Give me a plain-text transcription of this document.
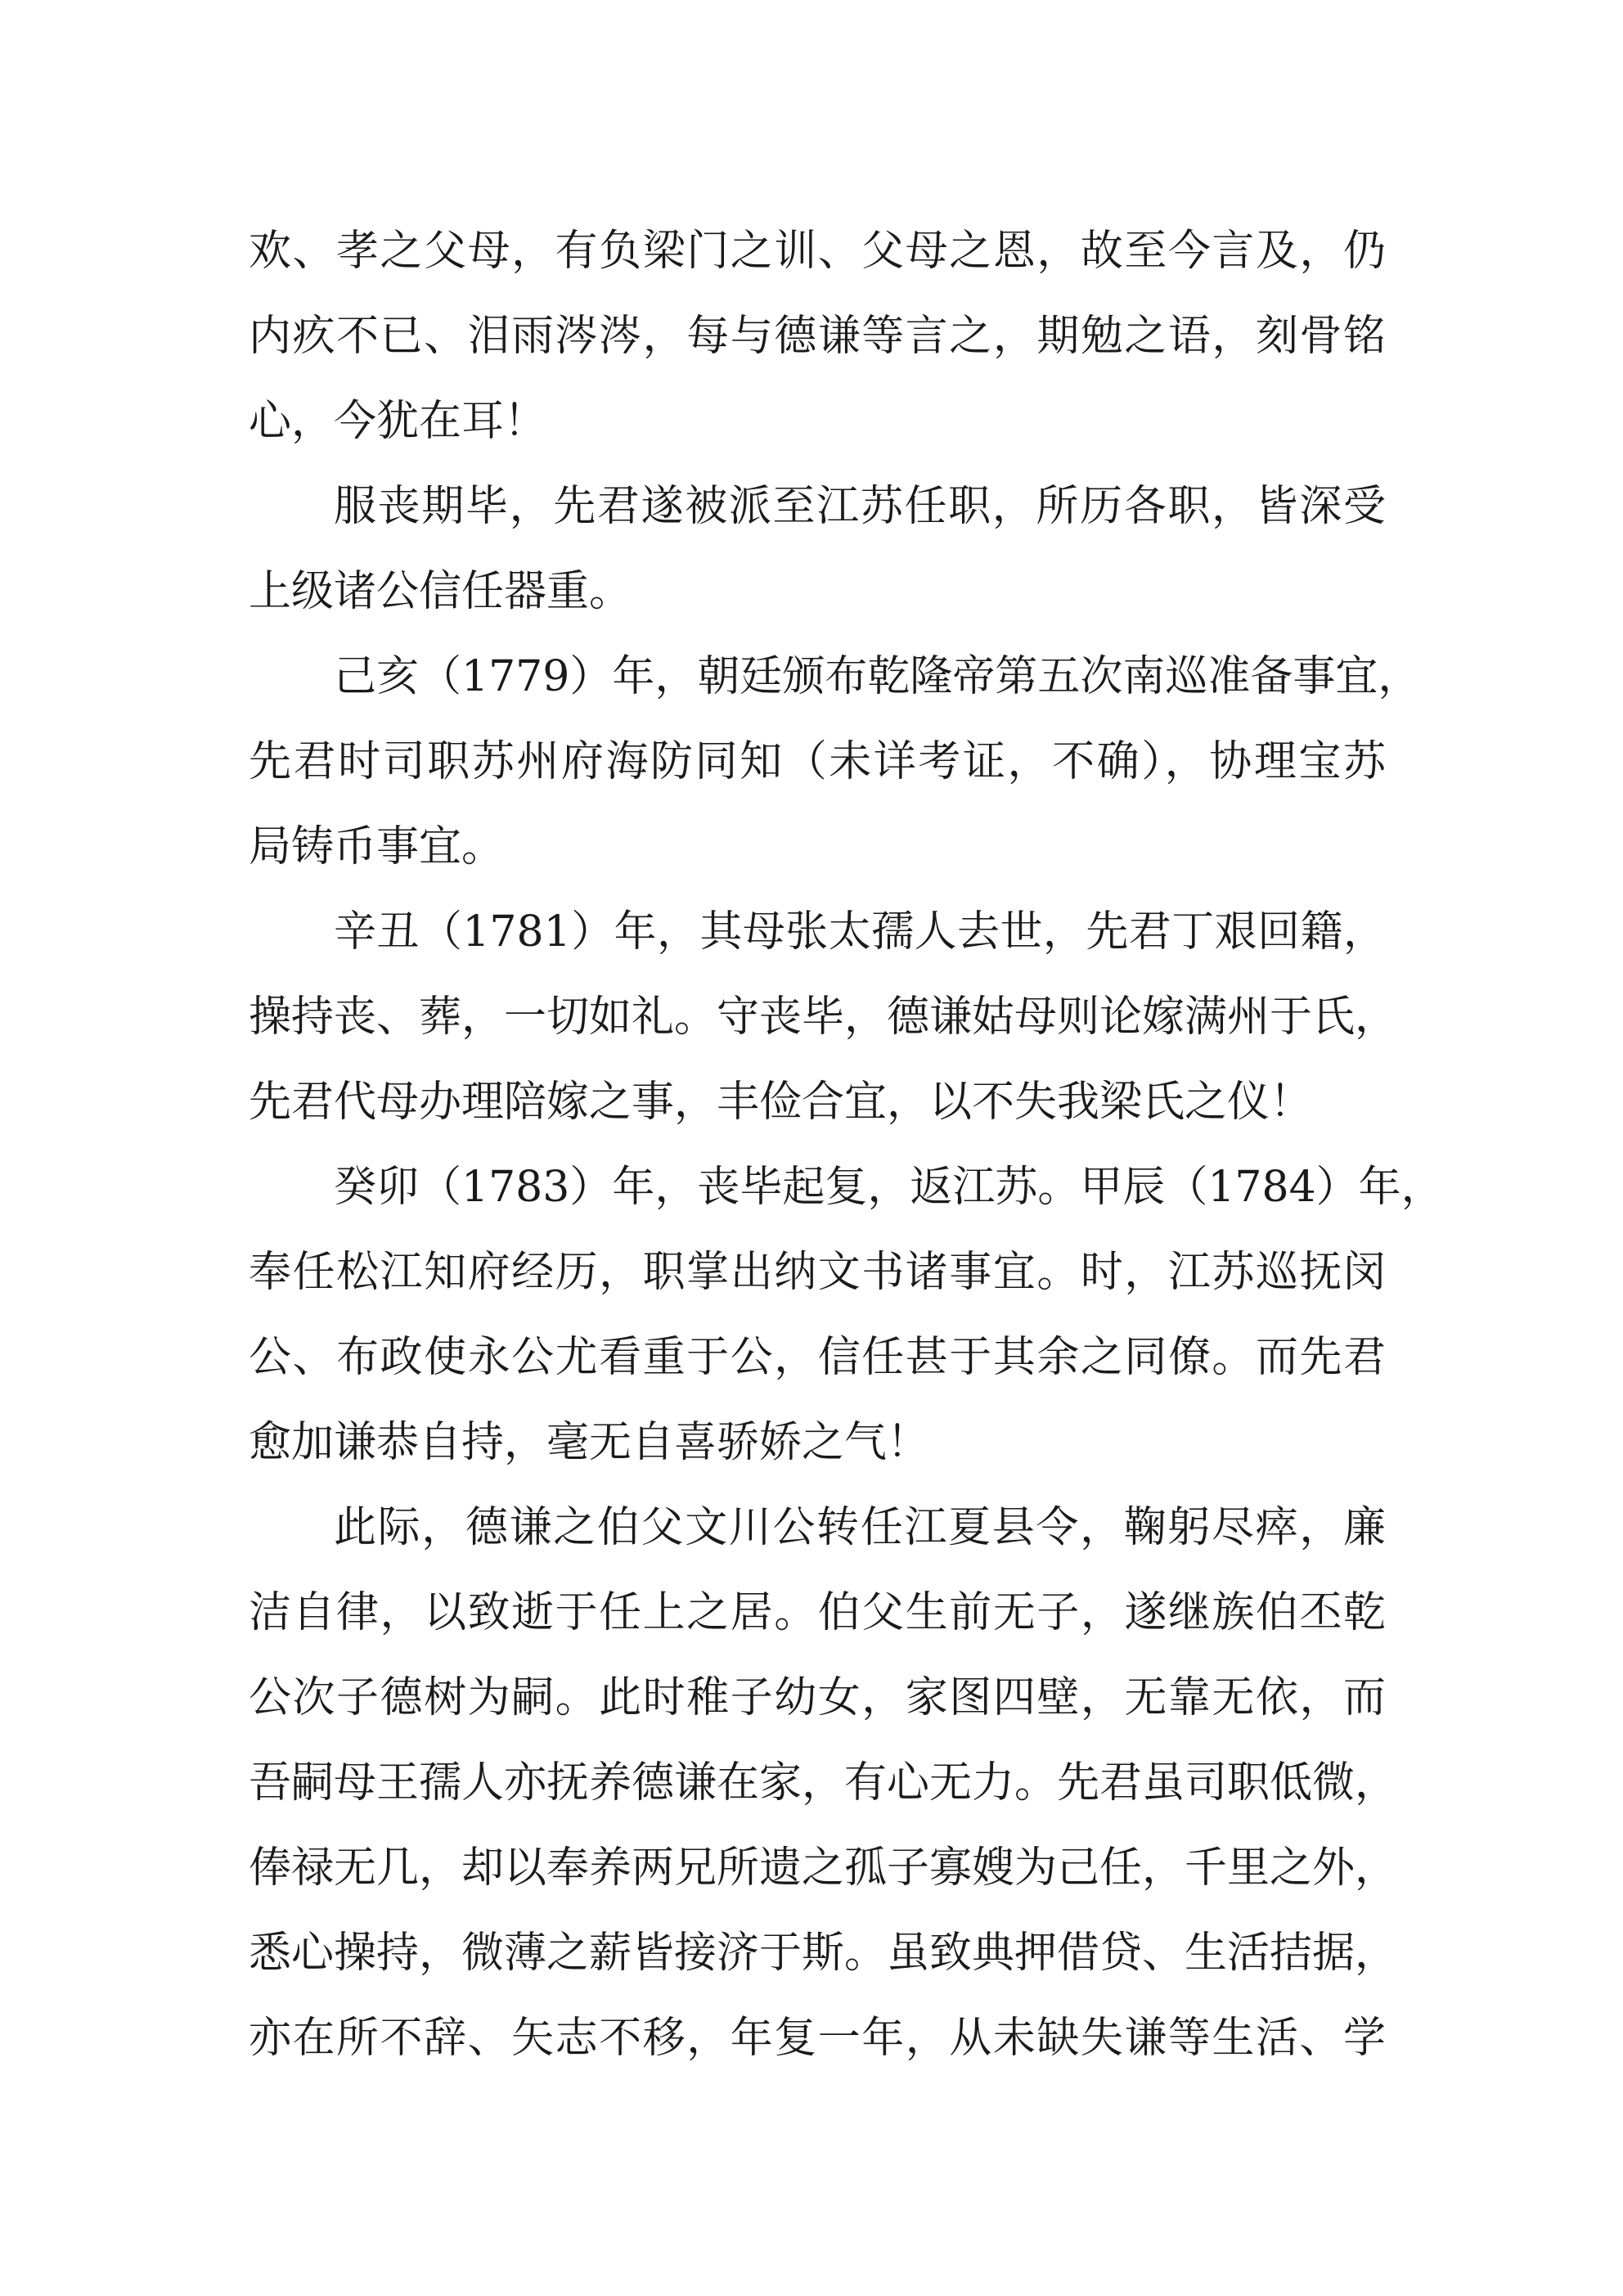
欢、孝之父母，有负梁门之训、父母之恩，故至今言及，仍
内疚不已、泪雨涔涔，每与德谦等言之，期勉之语，刻骨铭
心，今犹在耳！
服丧期毕，先君遂被派至江苏任职，所历各职，皆深受
上级诸公信任器重。
己亥（1779）年，朝廷颁布乾隆帝第五次南巡准备事宜，
先君时司职苏州府海防同知（未详考证，不确），协理宝苏
局铸币事宜。
辛丑（1781）年，其母张太孺人去世，先君丁艰回籍，
操持丧、葬，一切如礼。守丧毕，德谦姑母则论嫁满州于氏，
先君代母办理陪嫁之事，丰俭合宜，以不失我梁氏之仪！
癸卯（1783）年，丧毕起复，返江苏。甲辰（1784）年，
奉任松江知府经历，职掌出纳文书诸事宜。时，江苏巡抚闵
公、布政使永公尤看重于公，信任甚于其余之同僚。而先君
愈加谦恭自持，毫无自喜骄娇之气！
此际，德谦之伯父文川公转任江夏县令，鞠躬尽瘁，廉
洁自律，以致逝于任上之居。伯父生前无子，遂继族伯丕乾
公次子德树为嗣。此时稚子幼女，家图四壁，无靠无依，而
吾嗣母王孺人亦抚养德谦在家，有心无力。先君虽司职低微，
俸禄无几，却以奉养两兄所遗之孤子寡嫂为己任，千里之外，
悉心操持，微薄之薪皆接济于斯。虽致典押借贷、生活拮据，
亦在所不辞、矢志不移，年复一年，从未缺失谦等生活、学
